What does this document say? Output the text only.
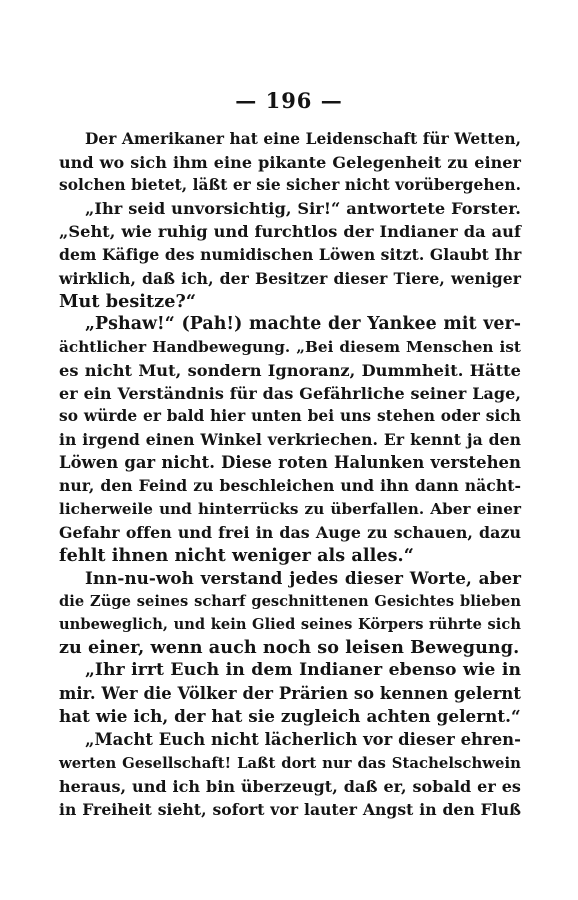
— 196 —
Der Amerikaner hat eine Leidenschaft für Wetten,
und wo sich ihm eine pikante Gelegenheit zu einer
solchen bietet, läßt er sie sicher nicht vorübergehen.
„Ihr seid unvorsichtig, Sir!“ antwortete Forster.
„Seht, wie ruhig und furchtlos der Indianer da auf
dem Käfige des numidischen Löwen sitzt. Glaubt Ihr
wirklich, daß ich, der Besitzer dieser Tiere, weniger
Mut besitze?“
„Pshaw!“ (Pah!) machte der Yankee mit ver-
ächtlicher Handbewegung. „Bei diesem Menschen ist
es nicht Mut, sondern Ignoranz, Dummheit. Hätte
er ein Verständnis für das Gefährliche seiner Lage,
so würde er bald hier unten bei uns stehen oder sich
in irgend einen Winkel verkriechen. Er kennt ja den
Löwen gar nicht. Diese roten Halunken verstehen
nur, den Feind zu beschleichen und ihn dann nächt-
licherweile und hinterrücks zu überfallen. Aber einer
Gefahr offen und frei in das Auge zu schauen, dazu
fehlt ihnen nicht weniger als alles.“
Inn-nu-woh verstand jedes dieser Worte, aber
die Züge seines scharf geschnittenen Gesichtes blieben
unbeweglich, und kein Glied seines Körpers rührte sich
zu einer, wenn auch noch so leisen Bewegung.
„Ihr irrt Euch in dem Indianer ebenso wie in
mir. Wer die Völker der Prärien so kennen gelernt
hat wie ich, der hat sie zugleich achten gelernt.“
„Macht Euch nicht lächerlich vor dieser ehren-
werten Gesellschaft! Laßt dort nur das Stachelschwein
heraus, und ich bin überzeugt, daß er, sobald er es
in Freiheit sieht, sofort vor lauter Angst in den Fluß
